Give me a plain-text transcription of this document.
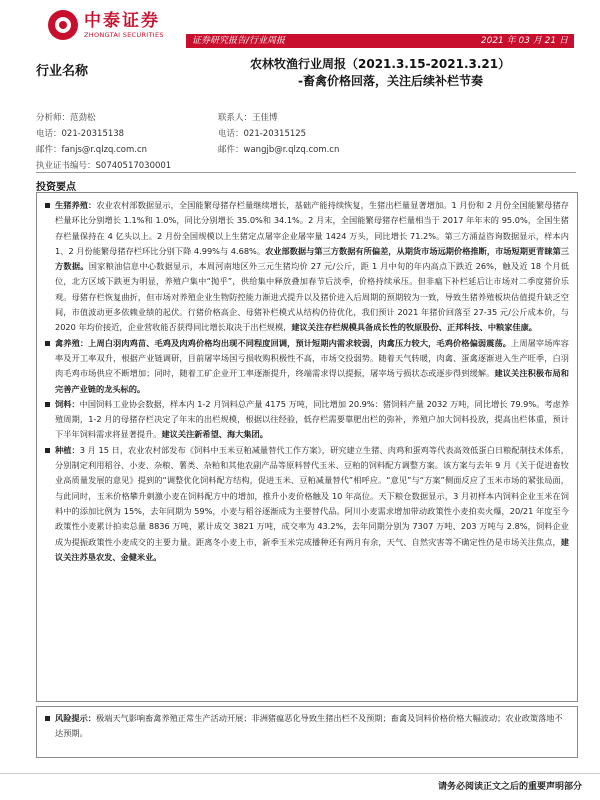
中泰证券
ZHONGTAI SECURITIES
证券研究报告/行业周报	2021 年 03 月 21 日
行业名称	农林牧渔行业周报（2021.3.15-2021.3.21）
-畜禽价格回落，关注后续补栏节奏
分析师：范劲松	联系人：王佳博
电话：021-20315138	电话：021-20315125
邮件：fanjs@r.qlzq.com.cn	邮件：wangjb@r.qlzq.com.cn
执业证书编号：S0740517030001
投资要点
生猪养殖：农业农村部数据显示，全国能繁母猪存栏量继续增长，基础产能持续恢复，生猪出栏量显著增加。1 月份和 2 月份全国能繁母猪存栏量环比分别增长 1.1%和 1.0%，同比分别增长 35.0%和 34.1%。2 月末，全国能繁母猪存栏量相当于 2017 年年末的 95.0%，全国生猪存栏量保持在 4 亿头以上。2 月份全国规模以上生猪定点屠宰企业屠宰量 1424 万头，同比增长 71.2%。第三方涌益咨询数据显示，样本内 1、2 月份能繁母猪存栏环比分别下降 4.99%与 4.68%。农业部数据与第三方数据有所偏差，从期货市场远期价格推断，市场短期更青睐第三方数据。国家粮油信息中心数据显示，本周河南地区外三元生猪均价 27 元/公斤，距 1 月中旬的年内高点下跌近 26%，触及近 18 个月低位，北方区域下跌更为明显，养殖户集中“抛乎”，供给集中释放叠加春节后淡季，价格持续承压。但非瘟下补栏延后让市场对二季度猪价乐观。母猪存栏恢复曲折，但市场对养殖企业生物防控能力渐进式提升以及猪价进入后周期的预期较为一致，导致生猪养殖板块估值提升缺乏空间，市值波动更多依赖业绩的起伏。行猪价格高企、母猪补栏模式从结构仍待优化，我们预计 2021 年猪价回落至 27-35 元/公斤成本价，与 2020 年均价接近，企业营收能否获得同比增长取决于出栏规模，建议关注存栏规模具备成长性的牧原股份、正邦科技、中粮家佳康。
禽养殖：上周白羽肉鸡苗、毛鸡及肉鸡价格均出现不同程度回调，预计短期内需求较弱，肉禽压力较大，毛鸡价格偏弱震荡。上周屠宰场库容率及开工率双升，根据产业链调研，目前屠宰场国亏损收购积极性不高，市场交投弱势。随着天气转暖，肉禽、蛋禽逐渐进入生产旺季，白羽肉毛鸡市场供应不断增加；同时，随着工矿企业开工率逐渐提升，终端需求得以提振，屠宰场亏损状态或逐步得到缓解。建议关注积极布局和完善产业链的龙头标的。
饲料：中国饲料工业协会数据，样本内 1-2 月饲料总产量 4175 万吨，同比增加 20.9%：猪饲料产量 2032 万吨，同比增长 79.9%。考虑养殖周期，1-2 月的母猪存栏决定了年末的出栏规模，根据以往经验，低存栏需要靠肥出栏的弥补，养殖户加大饲料投放，提高出栏体重，预计下半年饲料需求将显著提升。建议关注新希望、海大集团。
种植：3 月 15 日，农业农村部发布《饲料中玉米豆粕减量替代工作方案》，研究建立生猪、肉鸡和蛋鸡等代表高效低蛋白日粮配制技术体系，分别制定利用稻谷、小麦、杂粮、薯类、杂粕和其他农副产品等原料替代玉米、豆粕的饲料配方调整方案。该方案与去年 9 月《关于促进畜牧业高质量发展的意见》提到的“调整优化饲料配方结构，促进玉米、豆粕减量替代”相呼应。“意见”与“方案”侧面反应了玉米市场的紧张局面，与此同时，玉米价格攀升刺激小麦在饲料配方中的增加，推升小麦价格触及 10 年高位。天下粮仓数据显示，3 月初样本内饲料企业玉米在饲料中的添加比例为 15%，去年同期为 59%，小麦与稻谷逐渐成为主要替代品。阿川小麦需求增加带动政策性小麦拍卖火爆，20/21 年度至今政策性小麦累计拍卖总量 8836 万吨，累计成交 3821 万吨，成交率为 43.2%，去年同期分别为 7307 万吨、203 万吨与 2.8%，饲料企业成为提振政策性小麦成交的主要力量。距离冬小麦上市，新季玉米完成播种还有两月有余，天气、自然灾害等不确定性仍是市场关注焦点，建议关注苏垦农发、金健米业。
风险提示：极端天气影响畜禽养殖正常生产活动开展；非洲猪瘟恶化导致生猪出栏不及预期；畜禽及饲料价格价格大幅波动；农业政策落地不达预期。
请务必阅读正文之后的重要声明部分
